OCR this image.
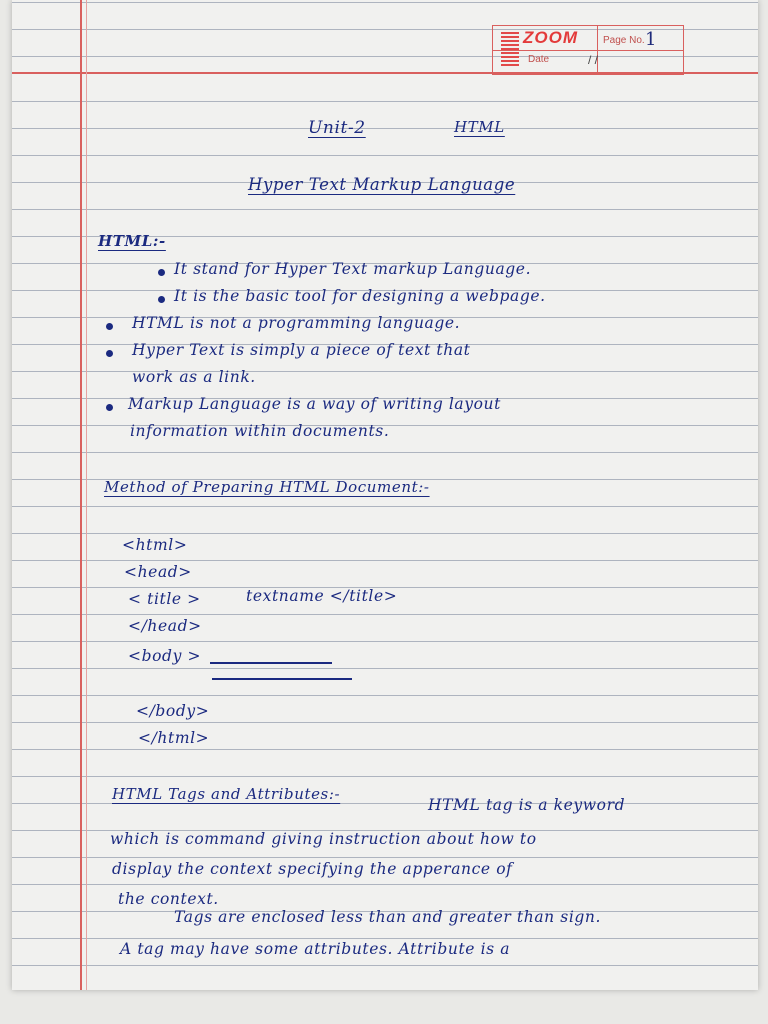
ZOOM	Page No. 1
Date	/ /
Unit-2	HTML
Hyper Text Markup Language
HTML:-
It stand for Hyper Text markup Language.
It is the basic tool for designing a webpage.
HTML is not a programming language.
Hyper Text is simply a piece of text that
work as a link.
Markup Language is a way of writing layout
information within documents.
Method of Preparing HTML Document:-
<html>
<head>
< title >	textname </title>
</head>
<body >
</body>
</html>
HTML Tags and Attributes:-
HTML tag is a keyword
which is command giving instruction about how to
display the context specifying the apperance of
the context.
Tags are enclosed less than and greater than sign.
A tag may have some attributes. Attribute is a
